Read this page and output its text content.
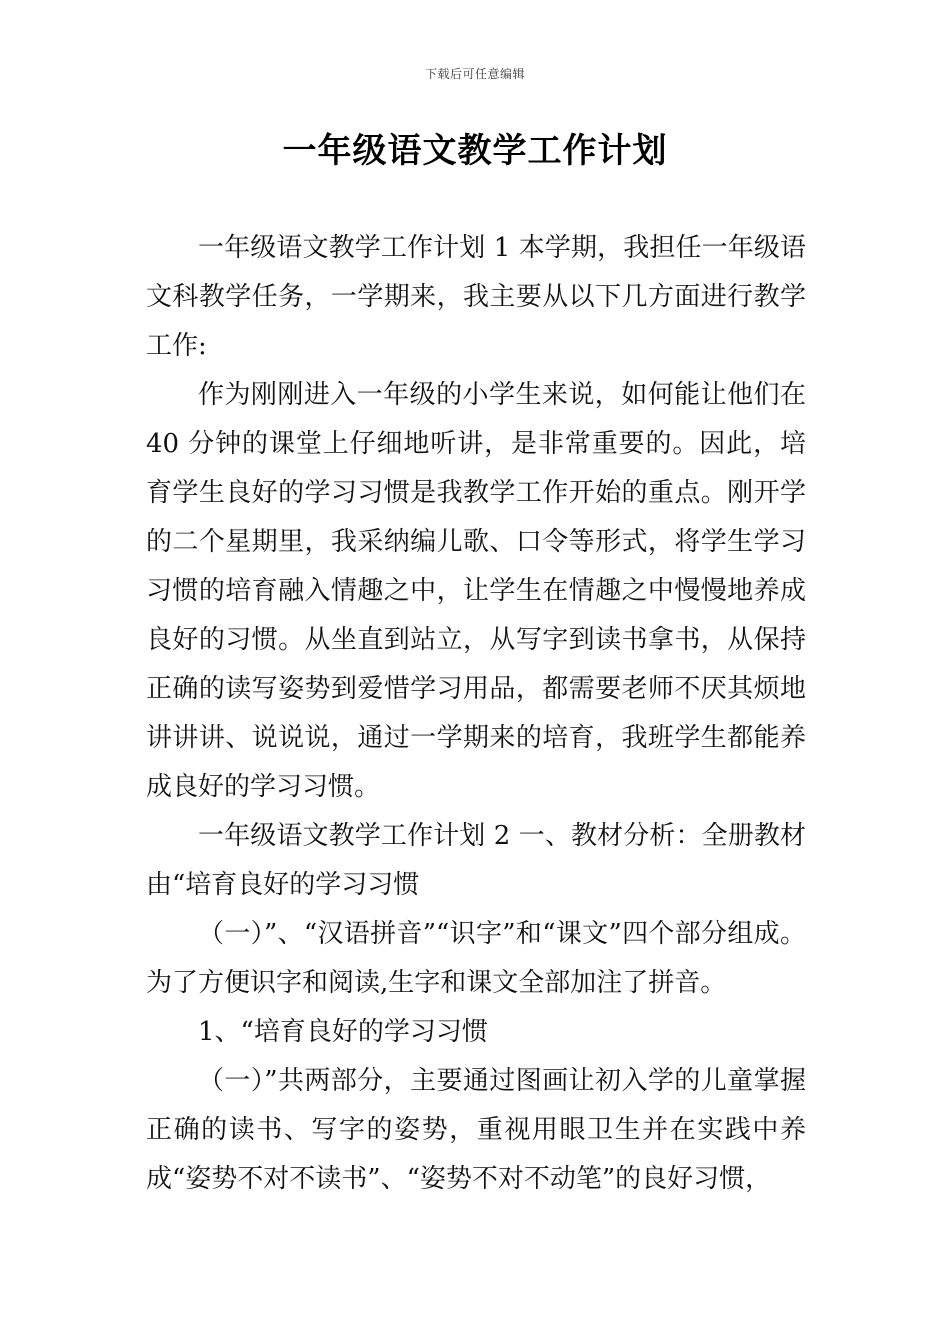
下载后可任意编辑
一年级语文教学工作计划

一年级语文教学工作计划 1 本学期，我担任一年级语文科教学任务，一学期来，我主要从以下几方面进行教学工作:

作为刚刚进入一年级的小学生来说，如何能让他们在 40 分钟的课堂上仔细地听讲，是非常重要的。因此，培育学生良好的学习习惯是我教学工作开始的重点。刚开学的二个星期里，我采纳编儿歌、口令等形式，将学生学习习惯的培育融入情趣之中，让学生在情趣之中慢慢地养成良好的习惯。从坐直到站立，从写字到读书拿书，从保持正确的读写姿势到爱惜学习用品，都需要老师不厌其烦地讲讲讲、说说说，通过一学期来的培育，我班学生都能养成良好的学习习惯。

一年级语文教学工作计划 2 一、教材分析：全册教材由“培育良好的学习习惯

（一）”、“汉语拼音”“识字”和“课文”四个部分组成。为了方便识字和阅读,生字和课文全部加注了拼音。

1、“培育良好的学习习惯

（一）”共两部分，主要通过图画让初入学的儿童掌握正确的读书、写字的姿势，重视用眼卫生并在实践中养成“姿势不对不读书”、“姿势不对不动笔”的良好习惯，
